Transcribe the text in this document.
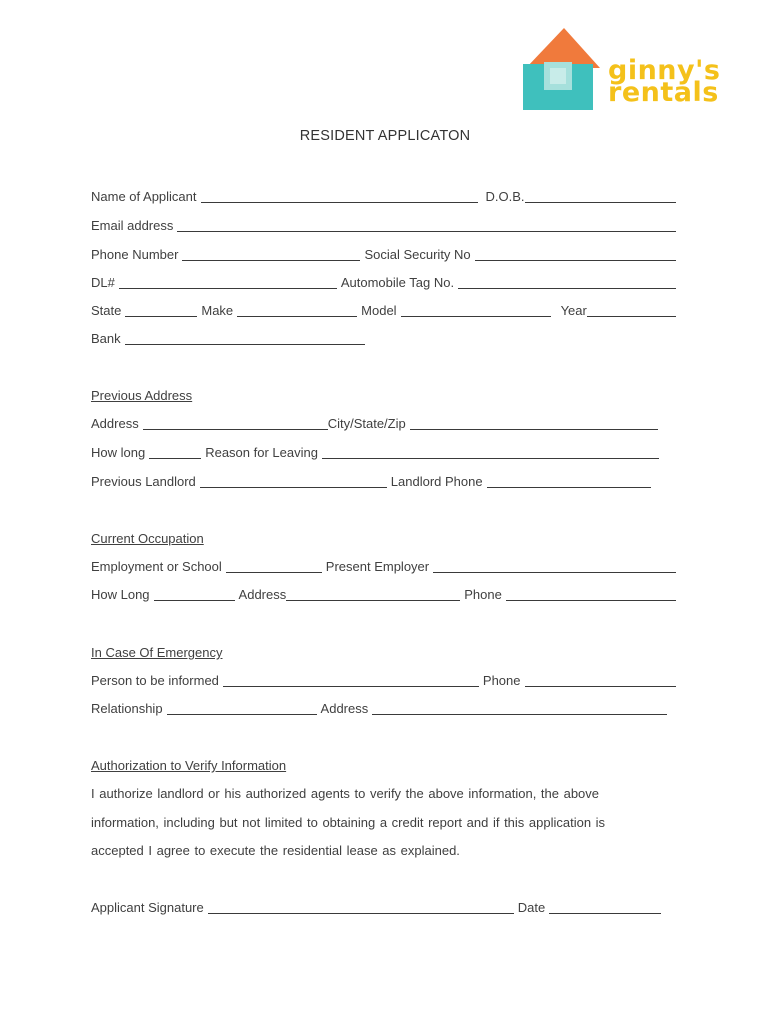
ginny's
rentals
RESIDENT APPLICATON
Name of Applicant	D.O.B.
Email address
Phone Number	Social Security No
DL#	Automobile Tag No.
State	Make	Model	Year
Bank
Previous Address
Address	City/State/Zip
How long	Reason for Leaving
Previous Landlord	Landlord Phone
Current Occupation
Employment or School	Present Employer
How Long	Address	Phone
In Case Of Emergency
Person to be informed	Phone
Relationship	Address
Authorization to Verify Information
I authorize landlord or his authorized agents to verify the above information, the above
information, including but not limited to obtaining a credit report and if this application is
accepted I agree to execute the residential lease as explained.
Applicant Signature	Date
